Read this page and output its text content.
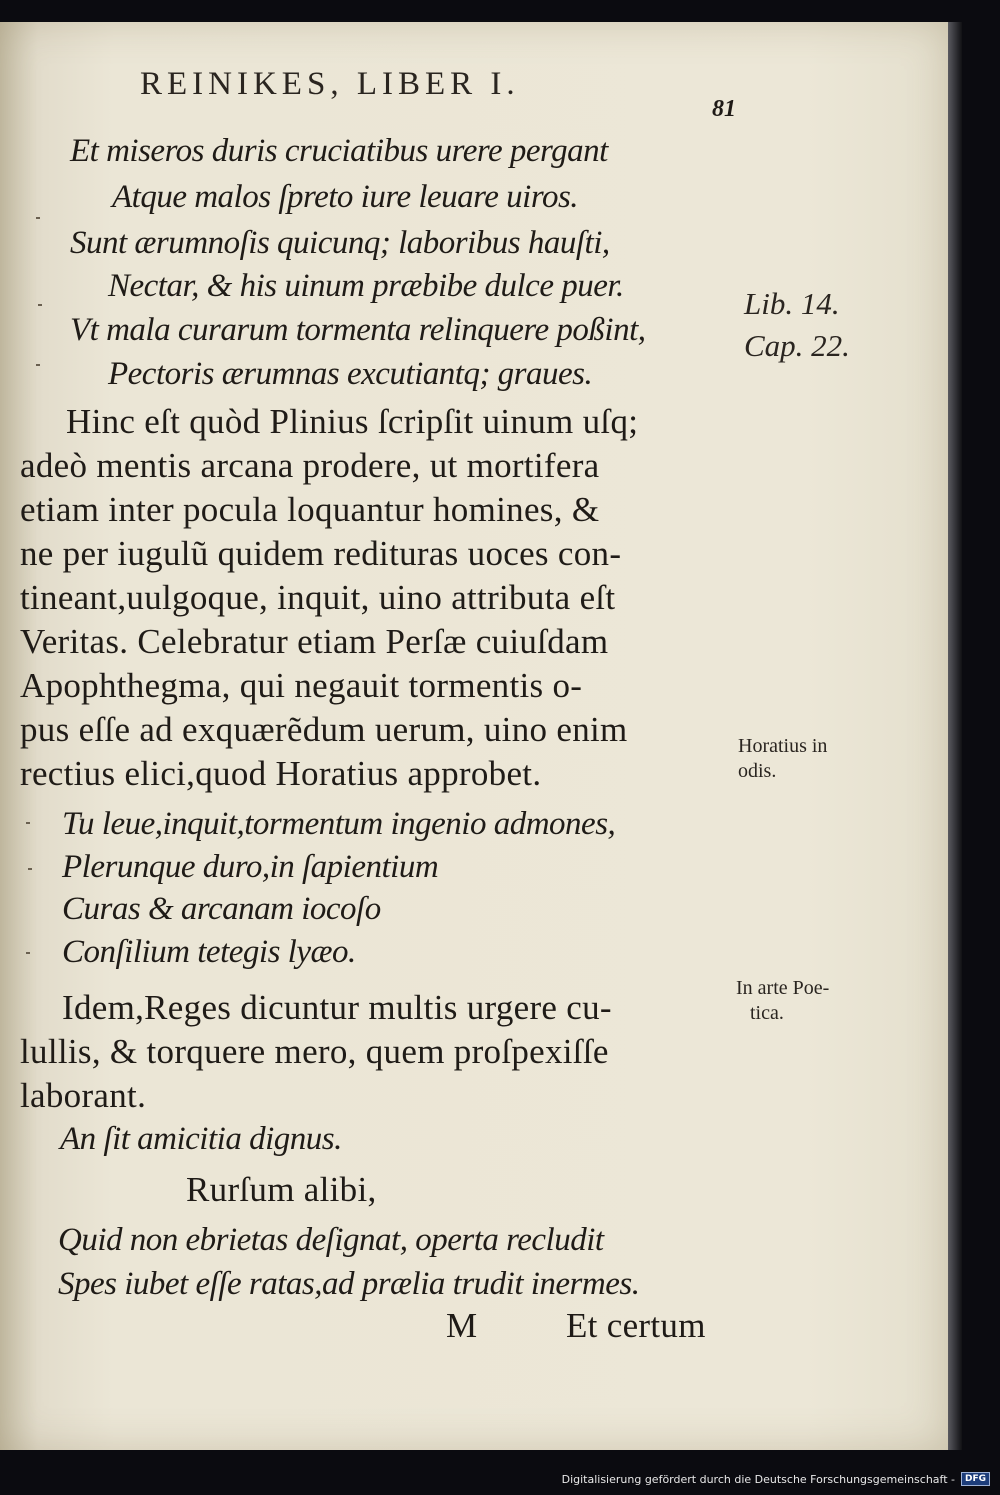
REINIKES, LIBER I.
81
Et miseros duris cruciatibus urere pergant
Atque malos ſpreto iure leuare uiros.
Sunt ærumnoſis quicunq; laboribus hauſti,
Nectar, & his uinum præbibe dulce puer.
Vt mala curarum tormenta relinquere poßint,
Pectoris ærumnas excutiantq; graues.
Hinc eſt quòd Plinius ſcripſit uinum uſq;
adeò mentis arcana prodere, ut mortifera
etiam inter pocula loquantur homines, &
ne per iugulũ quidem redituras uoces con-
tineant,uulgoque, inquit, uino attributa eſt
Veritas. Celebratur etiam Perſæ cuiuſdam
Apophthegma, qui negauit tormentis o-
pus eſſe ad exquærẽdum uerum, uino enim
rectius elici,quod Horatius approbet.
Tu leue,inquit,tormentum ingenio admones,
Plerunque duro,in ſapientium
Curas & arcanam iocoſo
Conſilium tetegis lyæo.
Idem,Reges dicuntur multis urgere cu-
lullis, & torquere mero, quem proſpexiſſe
laborant.
An ſit amicitia dignus.
Rurſum alibi,
Quid non ebrietas deſignat, operta recludit
Spes iubet eſſe ratas,ad prælia trudit inermes.
M	Et certum
Lib. 14.
Cap. 22.
Horatius in
odis.
In arte Poe-
tica.
Digitalisierung gefördert durch die Deutsche Forschungsgemeinschaft -	DFG
